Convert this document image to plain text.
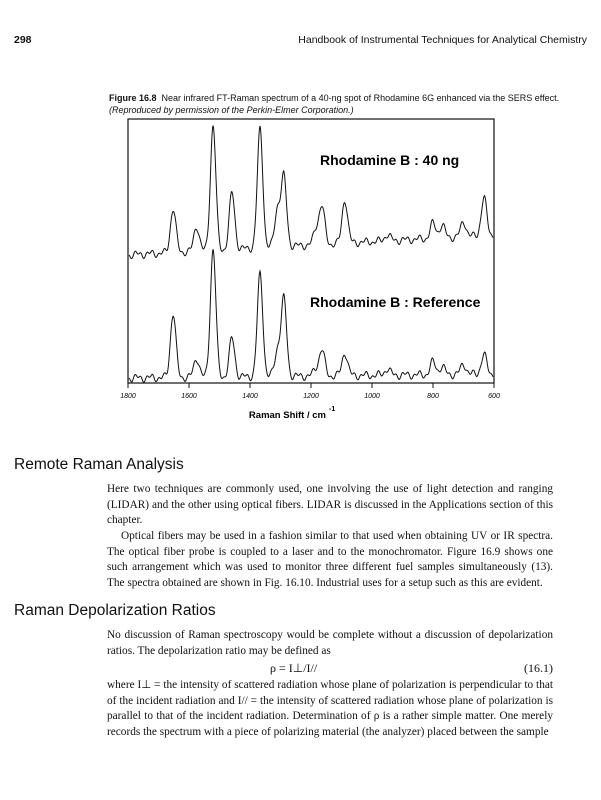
298	Handbook of Instrumental Techniques for Analytical Chemistry
Figure 16.8 Near infrared FT-Raman spectrum of a 40-ng spot of Rhodamine 6G enhanced via the SERS effect.
(Reproduced by permission of the Perkin-Elmer Corporation.)
1800	1600	1400	1200	1000	800	600
Rhodamine B : 40 ng
Rhodamine B : Reference
Raman Shift / cm
-1
Remote Raman Analysis

Here two techniques are commonly used, one involving the use of light detection and ranging (LIDAR) and the other using optical fibers. LIDAR is discussed in the Applications section of this chapter.

Optical fibers may be used in a fashion similar to that used when obtaining UV or IR spectra. The optical fiber probe is coupled to a laser and to the monochromator. Figure 16.9 shows one such arrangement which was used to monitor three different fuel samples simultaneously (13). The spectra obtained are shown in Fig. 16.10. Industrial uses for a setup such as this are evident.

Raman Depolarization Ratios

No discussion of Raman spectroscopy would be complete without a discussion of depolarization ratios. The depolarization ratio may be defined as

ρ = I⊥/I//	(16.1)

where I⊥ = the intensity of scattered radiation whose plane of polarization is perpendicular to that of the incident radiation and I// = the intensity of scattered radiation whose plane of polarization is parallel to that of the incident radiation. Determination of ρ is a rather simple matter. One merely records the spectrum with a piece of polarizing material (the analyzer) placed between the sample
